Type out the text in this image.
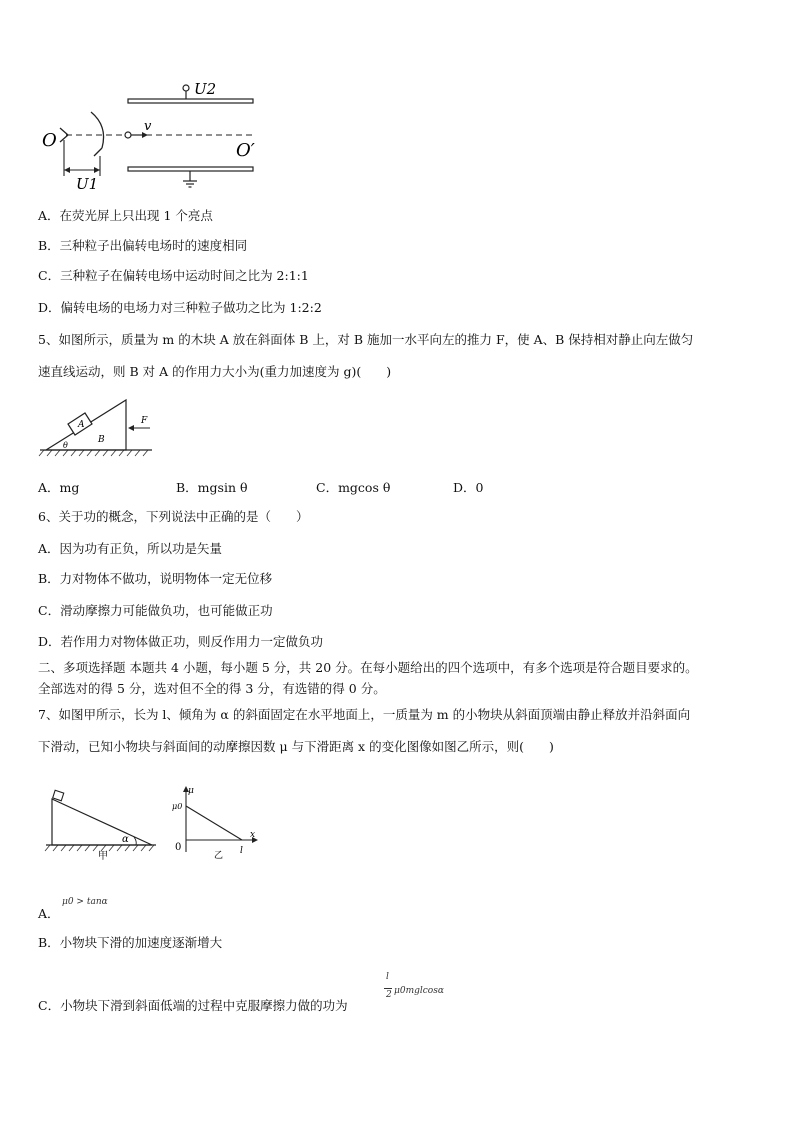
U2
O
v
O′
U1
A．在荧光屏上只出现 1 个亮点
B．三种粒子出偏转电场时的速度相同
C．三种粒子在偏转电场中运动时间之比为 2:1:1
D．偏转电场的电场力对三种粒子做功之比为 1:2:2
5、如图所示，质量为 m 的木块 A 放在斜面体 B 上，对 B 施加一水平向左的推力 F，使 A、B 保持相对静止向左做匀
速直线运动，则 B 对 A 的作用力大小为(重力加速度为 g)(　　)
A
B
θ
F
A．mg	B．mgsin θ	C．mgcos θ	D．0
6、关于功的概念，下列说法中正确的是（　　）
A．因为功有正负，所以功是矢量
B．力对物体不做功，说明物体一定无位移
C．滑动摩擦力可能做负功，也可能做正功
D．若作用力对物体做正功，则反作用力一定做负功
二、多项选择题 本题共 4 小题，每小题 5 分，共 20 分。在每小题给出的四个选项中，有多个选项是符合题目要求的。
全部选对的得 5 分，选对但不全的得 3 分，有选错的得 0 分。
7、如图甲所示，长为 l、倾角为 α 的斜面固定在水平地面上，一质量为 m 的小物块从斜面顶端由静止释放并沿斜面向
下滑动，已知小物块与斜面间的动摩擦因数 μ 与下滑距离 x 的变化图像如图乙所示，则(　　)
α
甲
μ
μ0
x
0	l
乙
A．
μ0 > tanα
B．小物块下滑的加速度逐渐增大
C．小物块下滑到斜面低端的过程中克服摩擦力做的功为
l
2 μ0mglcosα
